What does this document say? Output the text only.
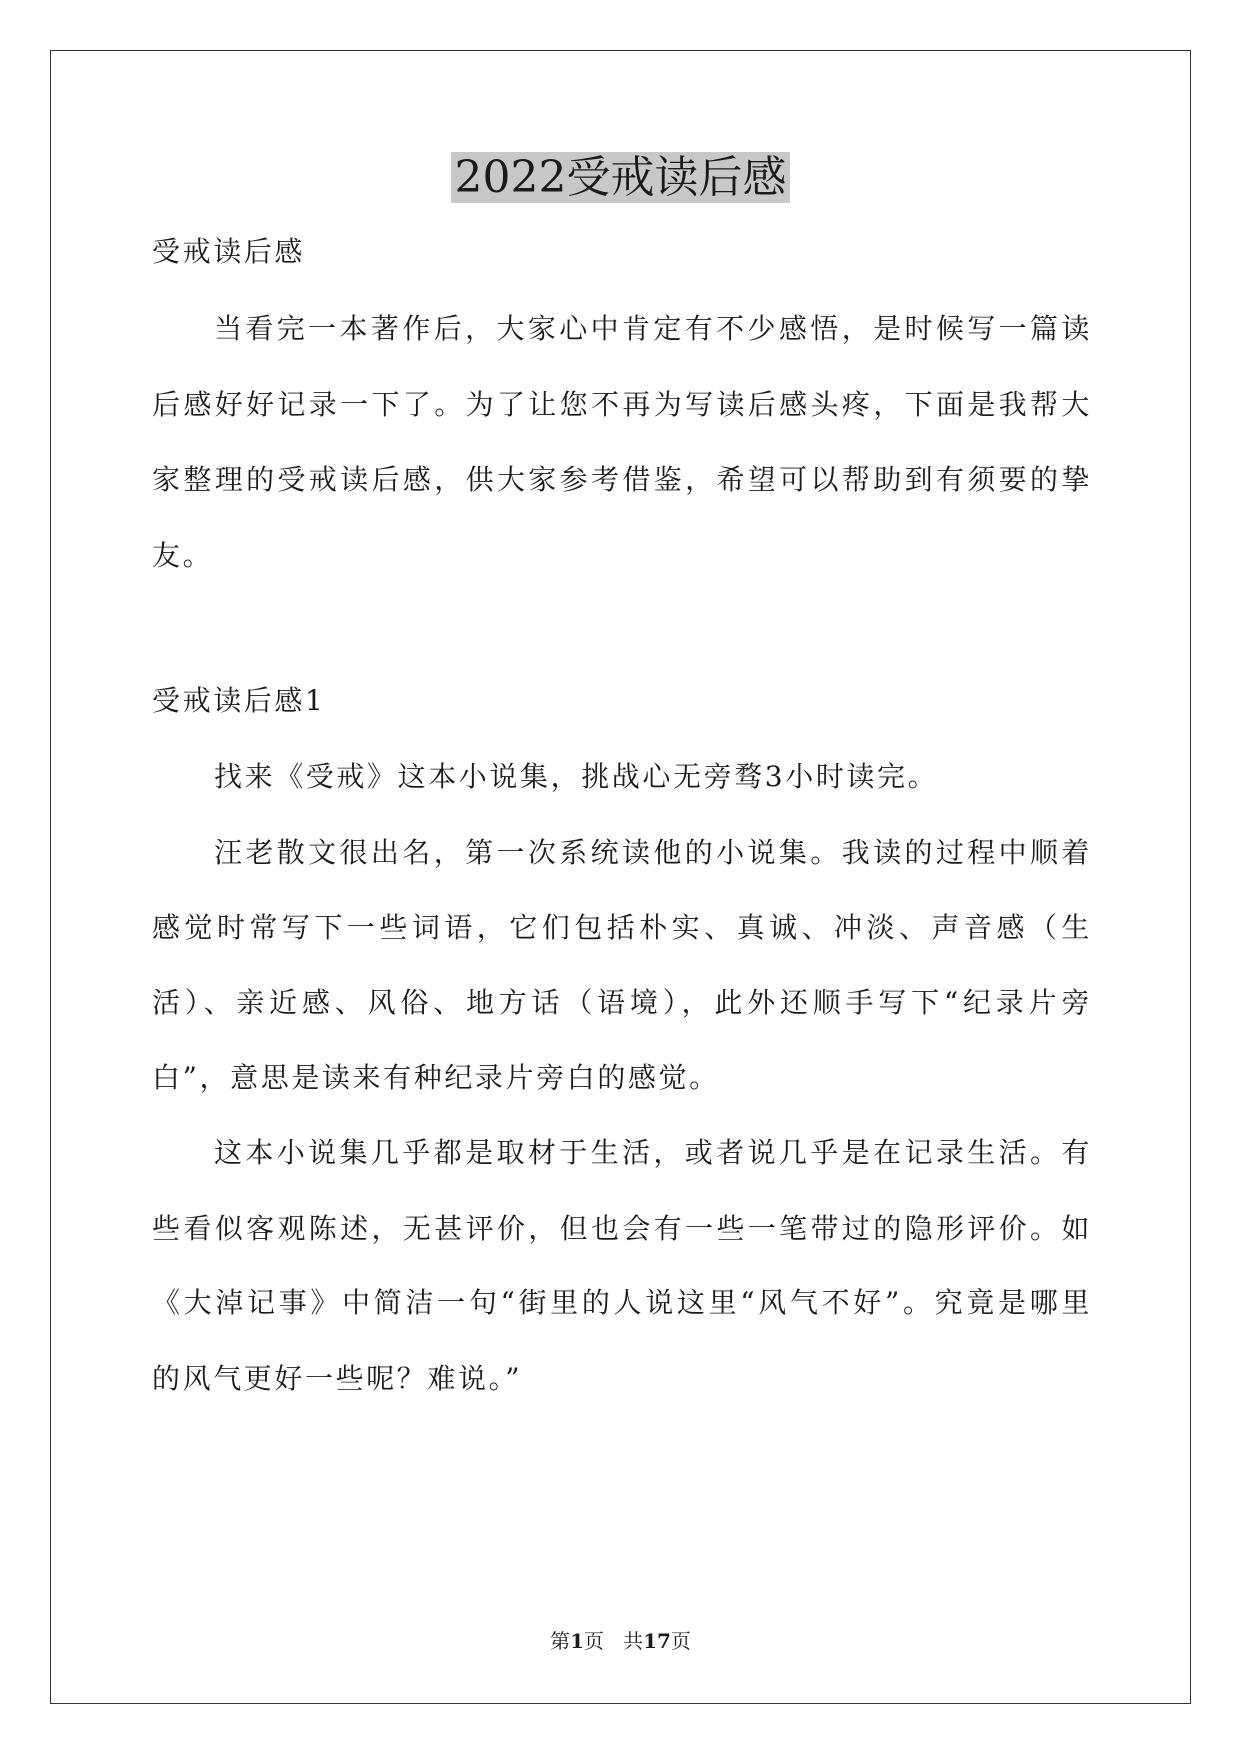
2022受戒读后感
受戒读后感
当看完一本著作后，大家心中肯定有不少感悟，是时候写一篇读
后感好好记录一下了。为了让您不再为写读后感头疼，下面是我帮大
家整理的受戒读后感，供大家参考借鉴，希望可以帮助到有须要的挚
友。
受戒读后感1
找来《受戒》这本小说集，挑战心无旁骛3小时读完。
汪老散文很出名，第一次系统读他的小说集。我读的过程中顺着
感觉时常写下一些词语，它们包括朴实、真诚、冲淡、声音感（生
活）、亲近感、风俗、地方话（语境），此外还顺手写下“纪录片旁
白”，意思是读来有种纪录片旁白的感觉。
这本小说集几乎都是取材于生活，或者说几乎是在记录生活。有
些看似客观陈述，无甚评价，但也会有一些一笔带过的隐形评价。如
《大淖记事》中简洁一句“街里的人说这里“风气不好”。究竟是哪里
的风气更好一些呢？难说。”
第1页   共17页
